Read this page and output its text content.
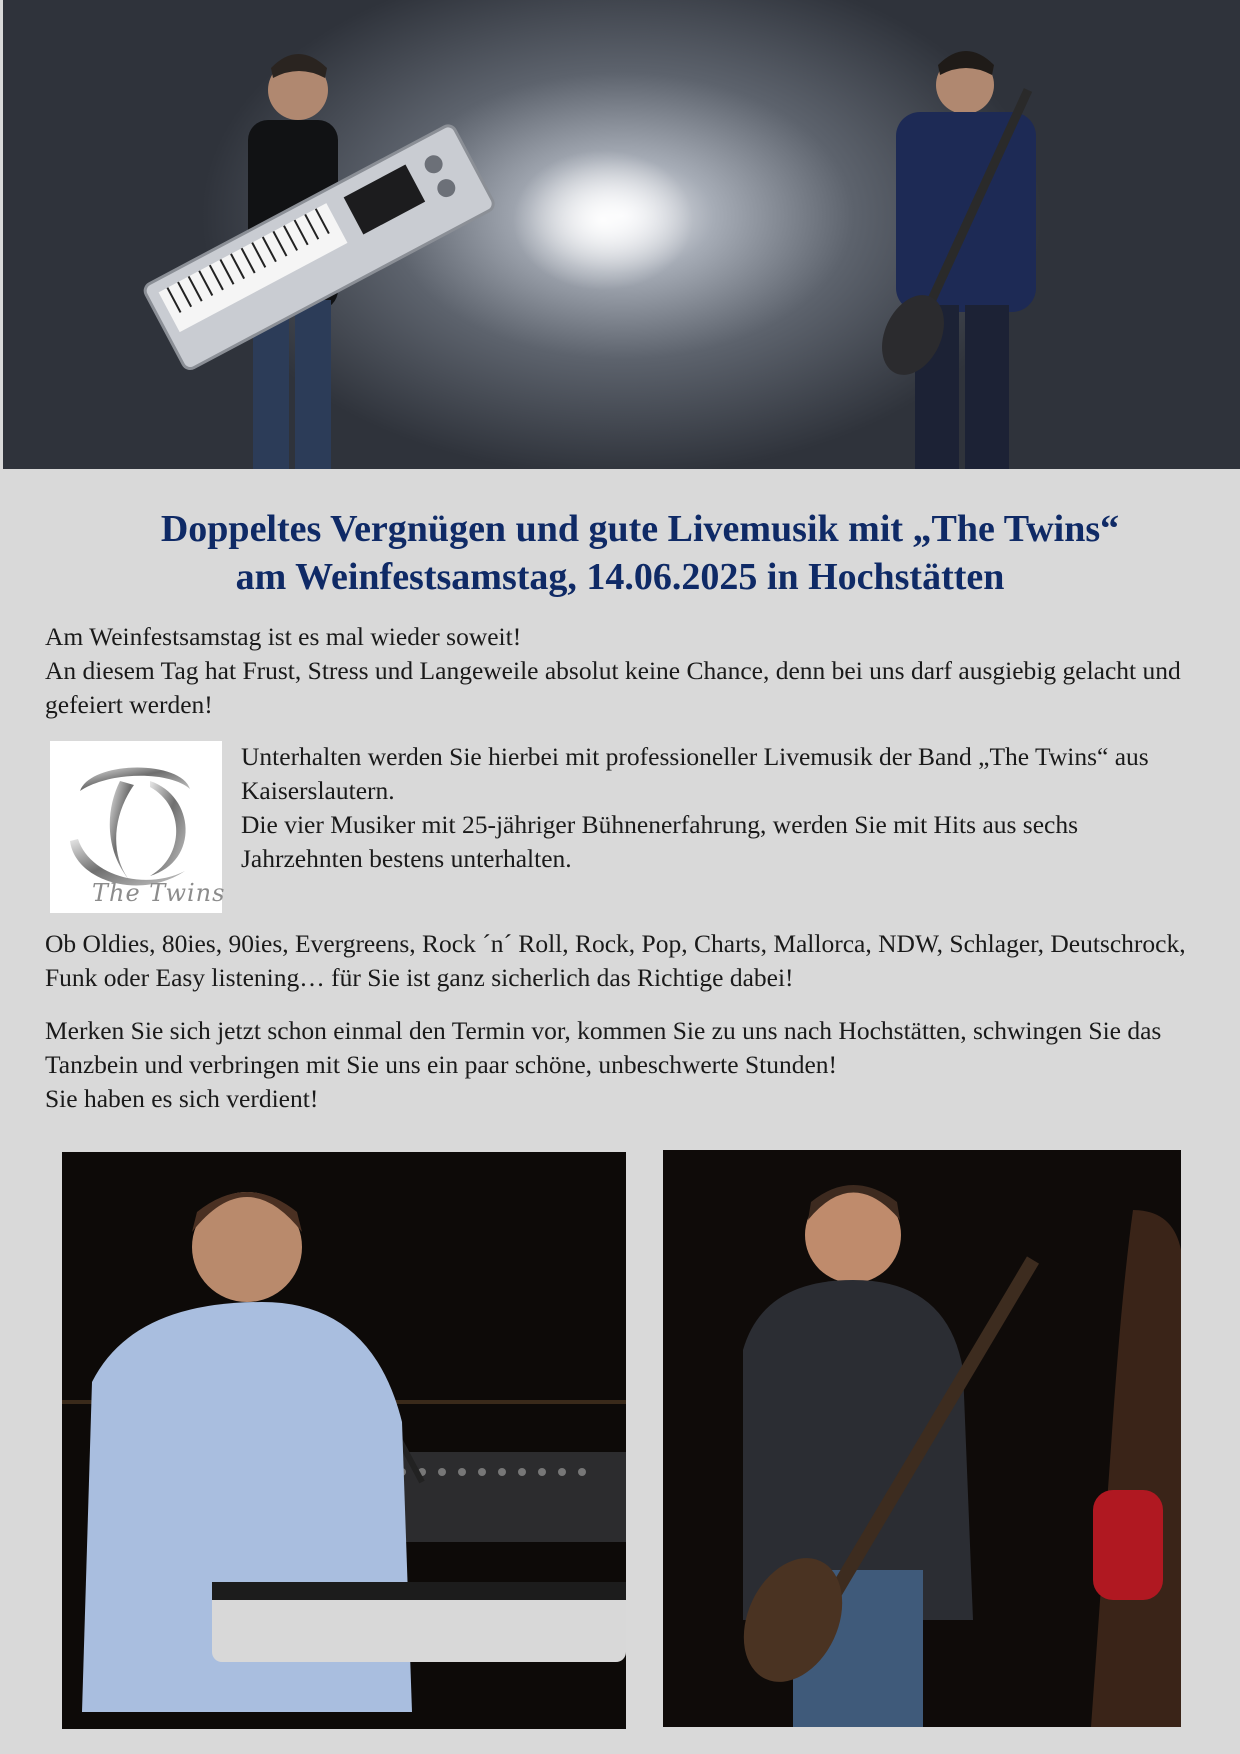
Doppeltes Vergnügen und gute Livemusik mit „The Twins“
am Weinfestsamstag, 14.06.2025 in Hochstätten

Am Weinfestsamstag ist es mal wieder soweit!
An diesem Tag hat Frust, Stress und Langeweile absolut keine Chance, denn bei uns darf ausgiebig gelacht und gefeiert werden!

The Twins

Unterhalten werden Sie hierbei mit professioneller Livemusik der Band „The Twins“ aus
Kaiserslautern.
Die vier Musiker mit 25-jähriger Bühnenerfahrung, werden Sie mit Hits aus sechs Jahrzehnten bestens unterhalten.

Ob Oldies, 80ies, 90ies, Evergreens, Rock ´n´ Roll, Rock, Pop, Charts, Mallorca, NDW, Schlager, Deutschrock, Funk oder Easy listening… für Sie ist ganz sicherlich das Richtige dabei!

Merken Sie sich jetzt schon einmal den Termin vor, kommen Sie zu uns nach Hochstätten, schwingen Sie das Tanzbein und verbringen mit Sie uns ein paar schöne, unbeschwerte Stunden!
Sie haben es sich verdient!
